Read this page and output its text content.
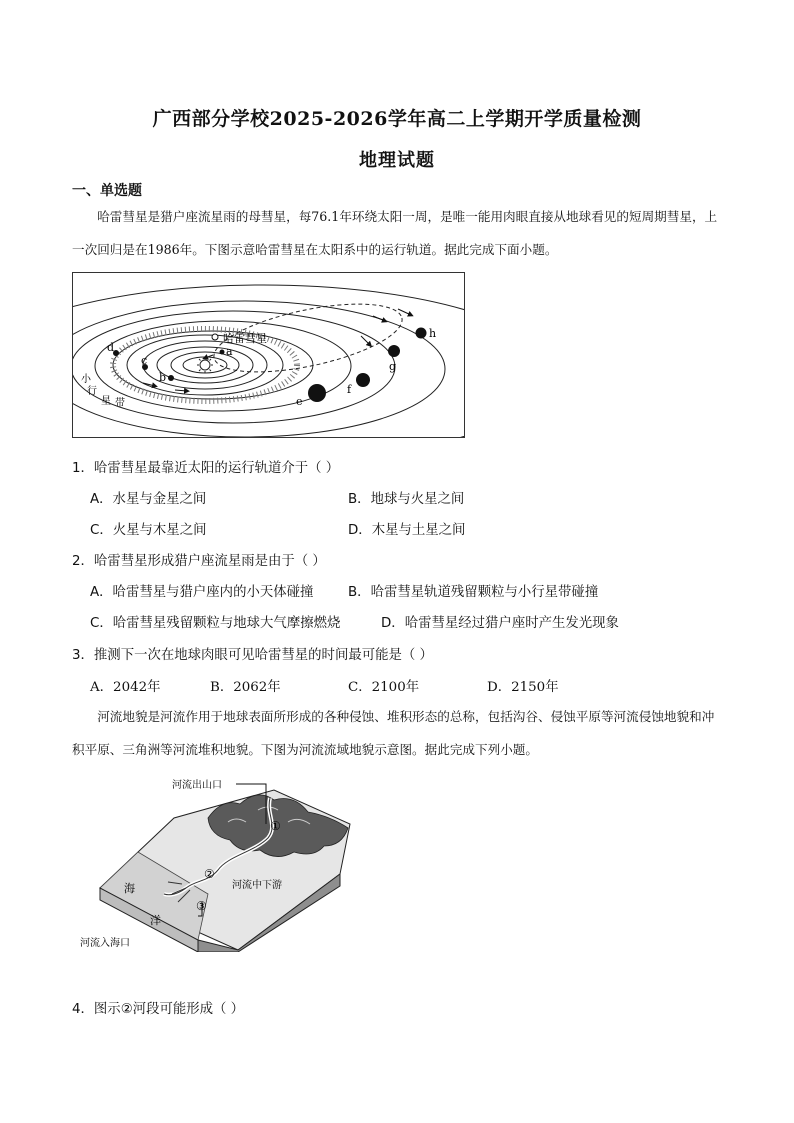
广西部分学校2025-2026学年高二上学期开学质量检测
地理试题
一、单选题
哈雷彗星是猎户座流星雨的母彗星，每76.1年环绕太阳一周，是唯一能用肉眼直接从地球看见的短周期彗星，上一次回归是在1986年。下图示意哈雷彗星在太阳系中的运行轨道。据此完成下面小题。
哈雷彗星
a
b
c
d
e
f
g
h
小
行
星 带
1．哈雷彗星最靠近太阳的运行轨道介于（ ）
A．水星与金星之间	B．地球与火星之间
C．火星与木星之间	D．木星与土星之间
2．哈雷彗星形成猎户座流星雨是由于（ ）
A．哈雷彗星与猎户座内的小天体碰撞	B．哈雷彗星轨道残留颗粒与小行星带碰撞
C．哈雷彗星残留颗粒与地球大气摩擦燃烧	D．哈雷彗星经过猎户座时产生发光现象
3．推测下一次在地球肉眼可见哈雷彗星的时间最可能是（ ）
A．2042年	B．2062年	C．2100年	D．2150年
河流地貌是河流作用于地球表面所形成的各种侵蚀、堆积形态的总称，包括沟谷、侵蚀平原等河流侵蚀地貌和冲积平原、三角洲等河流堆积地貌。下图为河流流域地貌示意图。据此完成下列小题。
①
②
③
河流出山口
河流中下游
河流入海口
海
洋
4．图示②河段可能形成（ ）
